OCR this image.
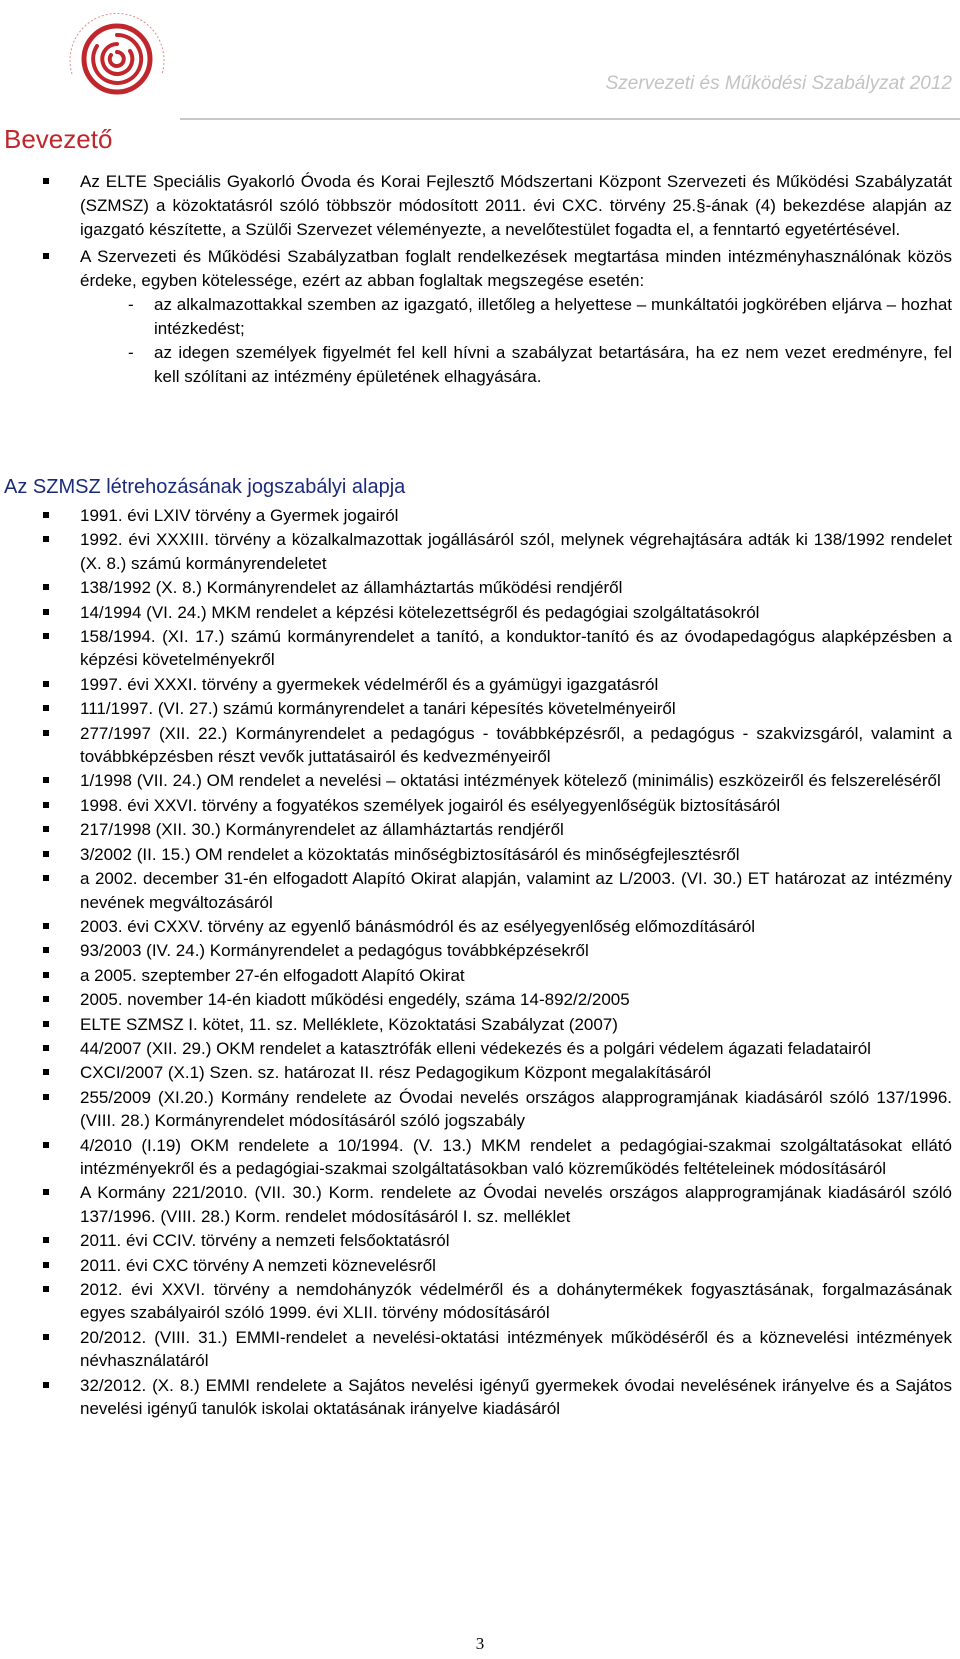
Szervezeti és Működési Szabályzat 2012
Bevezető
Az ELTE Speciális Gyakorló Óvoda és Korai Fejlesztő Módszertani Központ Szervezeti és Működési Szabályzatát (SZMSZ) a közoktatásról szóló többször módosított 2011. évi CXC. törvény 25.§-ának (4) bekezdése alapján az igazgató készítette, a Szülői Szervezet véleményezte, a nevelőtestület fogadta el, a fenntartó egyetértésével.
A Szervezeti és Működési Szabályzatban foglalt rendelkezések megtartása minden intézményhasználónak közös érdeke, egyben kötelessége, ezért az abban foglaltak megszegése esetén:
- az alkalmazottakkal szemben az igazgató, illetőleg a helyettese – munkáltatói jogkörében eljárva – hozhat intézkedést;
- az idegen személyek figyelmét fel kell hívni a szabályzat betartására, ha ez nem vezet eredményre, fel kell szólítani az intézmény épületének elhagyására.
Az SZMSZ létrehozásának jogszabályi alapja
1991. évi LXIV törvény a Gyermek jogairól
1992. évi XXXIII. törvény a közalkalmazottak jogállásáról szól, melynek végrehajtására adták ki 138/1992 rendelet (X. 8.) számú kormányrendeletet
138/1992 (X. 8.) Kormányrendelet az államháztartás működési rendjéről
14/1994 (VI. 24.) MKM rendelet a képzési kötelezettségről és pedagógiai szolgáltatásokról
158/1994. (XI. 17.) számú kormányrendelet a tanító, a konduktor-tanító és az óvodapedagógus alapképzésben a képzési követelményekről
1997. évi XXXI. törvény a gyermekek védelméről és a gyámügyi igazgatásról
111/1997. (VI. 27.) számú kormányrendelet a tanári képesítés követelményeiről
277/1997 (XII. 22.) Kormányrendelet a pedagógus - továbbképzésről, a pedagógus - szakvizsgáról, valamint a továbbképzésben részt vevők juttatásairól és kedvezményeiről
1/1998 (VII. 24.) OM rendelet a nevelési – oktatási intézmények kötelező (minimális) eszközeiről és felszereléséről
1998. évi XXVI. törvény a fogyatékos személyek jogairól és esélyegyenlőségük biztosításáról
217/1998 (XII. 30.) Kormányrendelet az államháztartás rendjéről
3/2002 (II. 15.) OM rendelet a közoktatás minőségbiztosításáról és minőségfejlesztésről
a 2002. december 31-én elfogadott Alapító Okirat alapján, valamint az L/2003. (VI. 30.) ET határozat az intézmény nevének megváltozásáról
2003. évi CXXV. törvény az egyenlő bánásmódról és az esélyegyenlőség előmozdításáról
93/2003 (IV. 24.) Kormányrendelet a pedagógus továbbképzésekről
a 2005. szeptember 27-én elfogadott Alapító Okirat
2005. november 14-én kiadott működési engedély, száma 14-892/2/2005
ELTE SZMSZ I. kötet, 11. sz. Melléklete, Közoktatási Szabályzat (2007)
44/2007 (XII. 29.) OKM rendelet a katasztrófák elleni védekezés és a polgári védelem ágazati feladatairól
CXCI/2007 (X.1) Szen. sz. határozat II. rész Pedagogikum Központ megalakításáról
255/2009 (XI.20.) Kormány rendelete az Óvodai nevelés országos alapprogramjának kiadásáról szóló 137/1996. (VIII. 28.) Kormányrendelet módosításáról szóló jogszabály
4/2010 (I.19) OKM rendelete a 10/1994. (V. 13.) MKM rendelet a pedagógiai-szakmai szolgáltatásokat ellátó intézményekről és a pedagógiai-szakmai szolgáltatásokban való közreműködés feltételeinek módosításáról
A Kormány 221/2010. (VII. 30.) Korm. rendelete az Óvodai nevelés országos alapprogramjának kiadásáról szóló 137/1996. (VIII. 28.) Korm. rendelet módosításáról I. sz. melléklet
2011. évi CCIV. törvény a nemzeti felsőoktatásról
2011. évi CXC törvény A nemzeti köznevelésről
2012. évi XXVI. törvény a nemdohányzók védelméről és a dohánytermékek fogyasztásának, forgalmazásának egyes szabályairól szóló 1999. évi XLII. törvény módosításáról
20/2012. (VIII. 31.) EMMI-rendelet a nevelési-oktatási intézmények működéséről és a köznevelési intézmények névhasználatáról
32/2012. (X. 8.) EMMI rendelete a Sajátos nevelési igényű gyermekek óvodai nevelésének irányelve és a Sajátos nevelési igényű tanulók iskolai oktatásának irányelve kiadásáról
3
